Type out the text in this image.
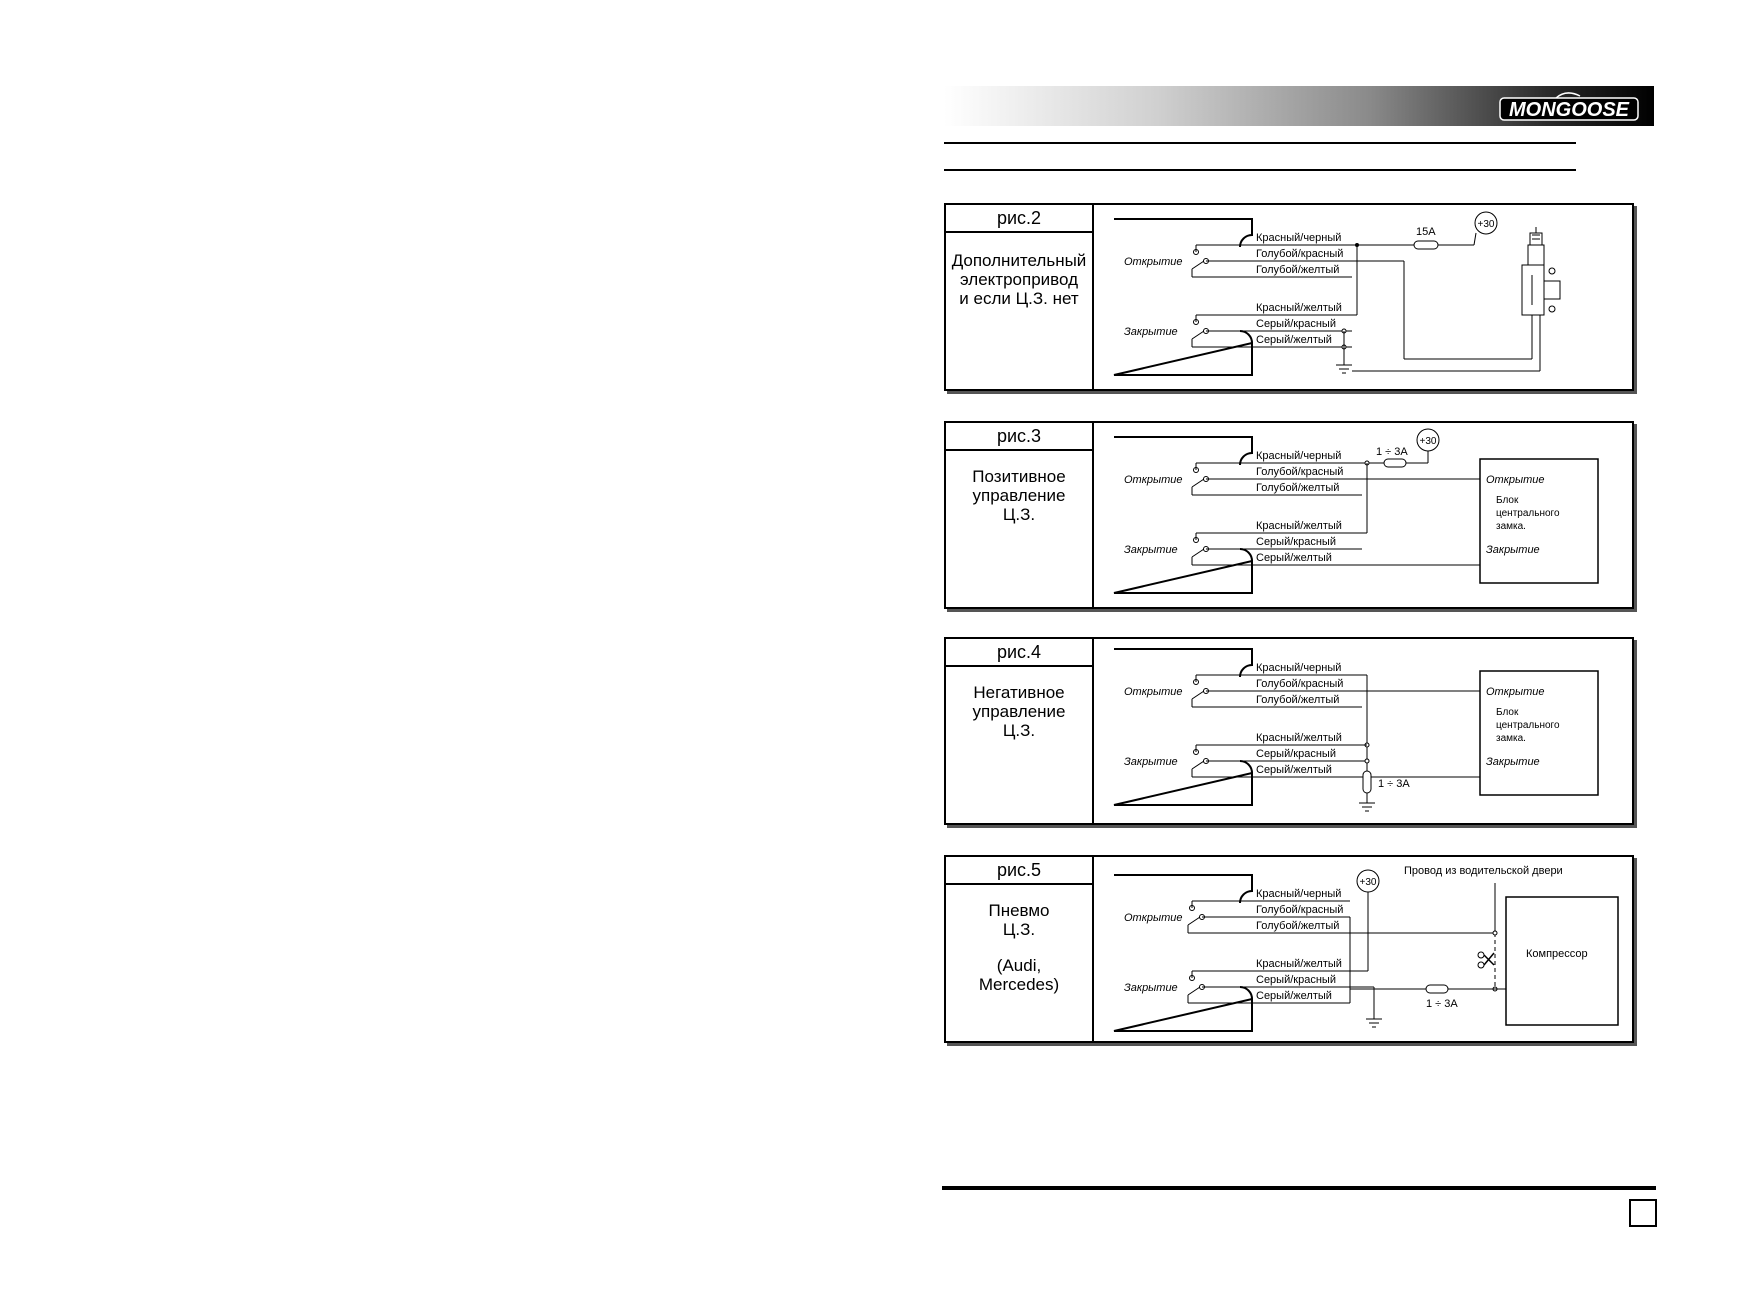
MONGOOSE
рис.2
Дополнительный
электропривод
и если Ц.З. нет
Открытие
Закрытие
Красный/черный
Голубой/красный
Голубой/желтый
Красный/желтый
Серый/красный
Серый/желтый
15А
+30
рис.3
Позитивное
управление
Ц.З.
Открытие
Закрытие
Красный/черный
Голубой/красный
Голубой/желтый
Красный/желтый
Серый/красный
Серый/желтый
1 ÷ 3А
+30
Открытие
Блок
центрального
замка.
Закрытие
рис.4
Негативное
управление
Ц.З.
Открытие
Закрытие
Красный/черный
Голубой/красный
Голубой/желтый
Красный/желтый
Серый/красный
Серый/желтый
1 ÷ 3А
Открытие
Блок
центрального
замка.
Закрытие
рис.5
Пневмо
Ц.З.
(Audi,
Mercedes)
Открытие
Закрытие
Красный/черный
Голубой/красный
Голубой/желтый
Красный/желтый
Серый/красный
Серый/желтый
+30
Провод из водительской двери
1 ÷ 3А
Компрессор
